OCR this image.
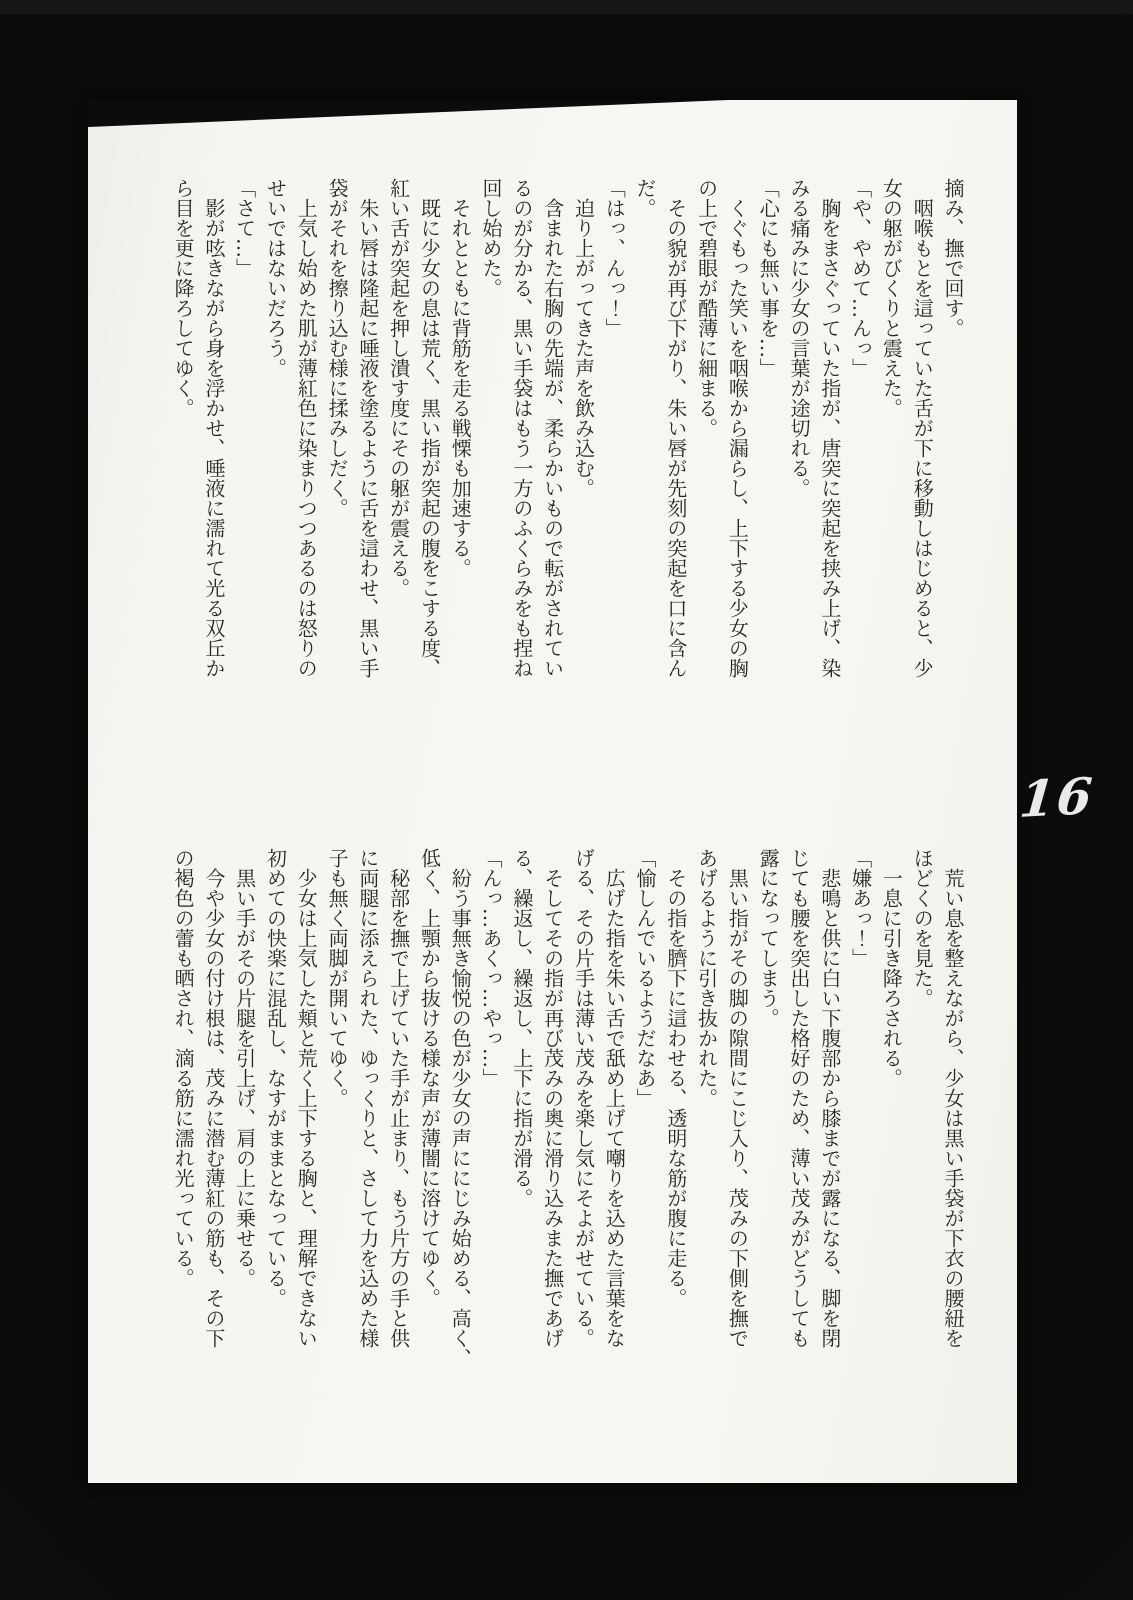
摘み、撫で回す。
　咽喉もとを這っていた舌が下に移動しはじめると、少
女の躯がびくりと震えた。
「や、やめて…んっ」
　胸をまさぐっていた指が、唐突に突起を挟み上げ、染
みる痛みに少女の言葉が途切れる。
「心にも無い事を…」
　くぐもった笑いを咽喉から漏らし、上下する少女の胸
の上で碧眼が酷薄に細まる。
　その貌が再び下がり、朱い唇が先刻の突起を口に含ん
だ。
「はっ、んっ！」
　迫り上がってきた声を飲み込む。
　含まれた右胸の先端が、柔らかいもので転がされてい
るのが分かる、黒い手袋はもう一方のふくらみをも捏ね
回し始めた。
　それとともに背筋を走る戦慄も加速する。
　既に少女の息は荒く、黒い指が突起の腹をこする度、
紅い舌が突起を押し潰す度にその躯が震える。
　朱い唇は隆起に唾液を塗るように舌を這わせ、黒い手
袋がそれを擦り込む様に揉みしだく。
　上気し始めた肌が薄紅色に染まりつつあるのは怒りの
せいではないだろう。
「さて…」
　影が呟きながら身を浮かせ、唾液に濡れて光る双丘か
ら目を更に降ろしてゆく。
　荒い息を整えながら、少女は黒い手袋が下衣の腰紐を
ほどくのを見た。
　一息に引き降ろされる。
「嫌あっ！」
　悲鳴と供に白い下腹部から膝までが露になる、脚を閉
じても腰を突出した格好のため、薄い茂みがどうしても
露になってしまう。
　黒い指がその脚の隙間にこじ入り、茂みの下側を撫で
あげるように引き抜かれた。
　その指を臍下に這わせる、透明な筋が腹に走る。
「愉しんでいるようだなあ」
　広げた指を朱い舌で舐め上げて嘲りを込めた言葉をな
げる、その片手は薄い茂みを楽し気にそよがせている。
　そしてその指が再び茂みの奥に滑り込みまた撫であげ
る、繰返し、繰返し、上下に指が滑る。
「んっ…あくっ…やっ…」
　紛う事無き愉悦の色が少女の声ににじみ始める、高く、
低く、上顎から抜ける様な声が薄闇に溶けてゆく。
　秘部を撫で上げていた手が止まり、もう片方の手と供
に両腿に添えられた、ゆっくりと、さして力を込めた様
子も無く両脚が開いてゆく。
　少女は上気した頬と荒く上下する胸と、理解できない
初めての快楽に混乱し、なすがままとなっている。
　黒い手がその片腿を引上げ、肩の上に乗せる。
　今や少女の付け根は、茂みに潜む薄紅の筋も、その下
の褐色の蕾も晒され、滴る筋に濡れ光っている。
16
